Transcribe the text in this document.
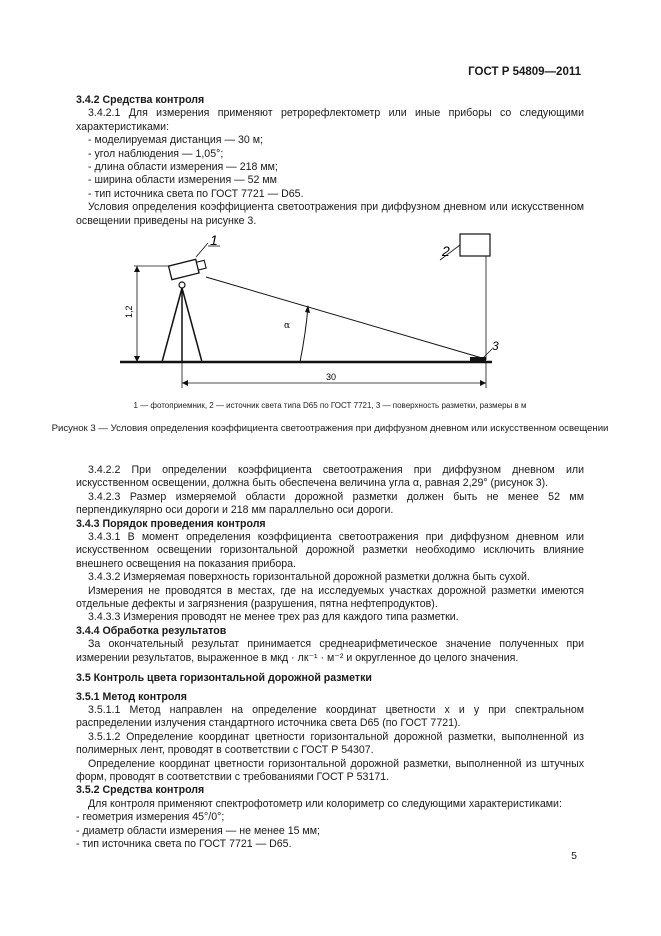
ГОСТ Р 54809—2011

3.4.2 Средства контроля

3.4.2.1 Для измерения применяют ретрорефлектометр или иные приборы со следующими характеристиками:

- моделируемая дистанция — 30 м;

- угол наблюдения — 1,05°;

- длина области измерения — 218 мм;

- ширина области измерения — 52 мм

- тип источника света по ГОСТ 7721 — D65.

Условия определения коэффициента светоотражения при диффузном дневном или искусственном освещении приведены на рисунке 3.

1,2
1
α
2
3
30
1 — фотоприемник, 2 — источник света типа D65 по ГОСТ 7721, 3 — поверхность разметки, размеры в м
Рисунок 3 — Условия определения коэффициента светоотражения при диффузном дневном или искусственном освещении

3.4.2.2 При определении коэффициента светоотражения при диффузном дневном или искусственном освещении, должна быть обеспечена величина угла α, равная 2,29° (рисунок 3).

3.4.2.3 Размер измеряемой области дорожной разметки должен быть не менее 52 мм перпендикулярно оси дороги и 218 мм параллельно оси дороги.

3.4.3 Порядок проведения контроля

3.4.3.1 В момент определения коэффициента светоотражения при диффузном дневном или искусственном освещении горизонтальной дорожной разметки необходимо исключить влияние внешнего освещения на показания прибора.

3.4.3.2 Измеряемая поверхность горизонтальной дорожной разметки должна быть сухой.

Измерения не проводятся в местах, где на исследуемых участках дорожной разметки имеются отдельные дефекты и загрязнения (разрушения, пятна нефтепродуктов).

3.4.3.3 Измерения проводят не менее трех раз для каждого типа разметки.

3.4.4 Обработка результатов

За окончательный результат принимается среднеарифметическое значение полученных при измерении результатов, выраженное в мкд · лк⁻¹ · м⁻² и округленное до целого значения.

3.5 Контроль цвета горизонтальной дорожной разметки

3.5.1 Метод контроля

3.5.1.1 Метод направлен на определение координат цветности x и y при спектральном распределении излучения стандартного источника света D65 (по ГОСТ 7721).

3.5.1.2 Определение координат цветности горизонтальной дорожной разметки, выполненной из полимерных лент, проводят в соответствии с ГОСТ Р 54307.

Определение координат цветности горизонтальной дорожной разметки, выполненной из штучных форм, проводят в соответствии с требованиями ГОСТ Р 53171.

3.5.2 Средства контроля

Для контроля применяют спектрофотометр или колориметр со следующими характеристиками:

- геометрия измерения 45°/0°;

- диаметр области измерения — не менее 15 мм;

- тип источника света по ГОСТ 7721 — D65.

5
